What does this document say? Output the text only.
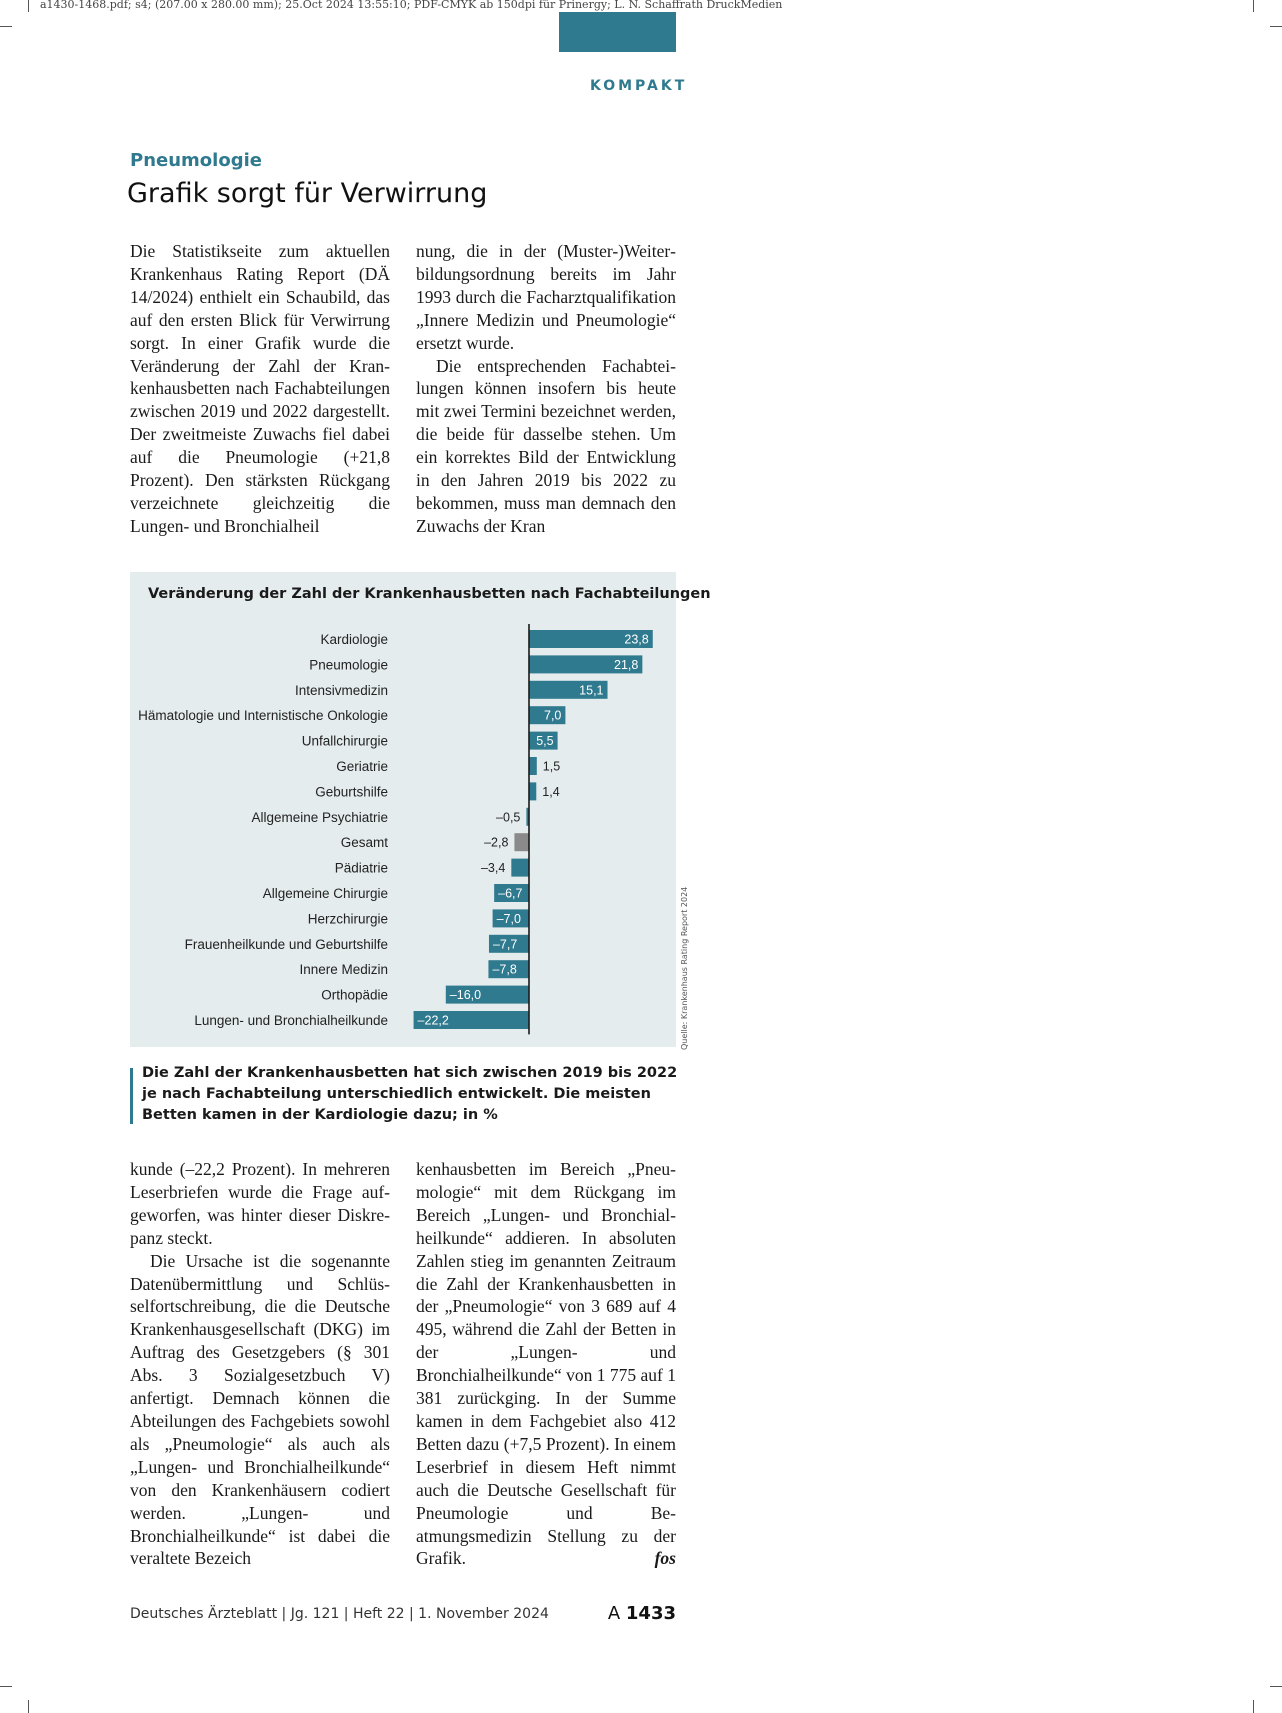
a1430-1468.pdf; s4; (207.00 x 280.00 mm); 25.Oct 2024 13:55:10; PDF-CMYK ab 150dpi für Prinergy; L. N. Schaffrath DruckMedien
KOMPAKT
Pneumologie
Grafik sorgt für Verwirrung

Die Statistikseite zum aktuellen Krankenhaus Rating Report (DÄ 14/2024) enthielt ein Schaubild, das auf den ersten Blick für Verwirrung sorgt. In einer Grafik wurde die Veränderung der Zahl der Krankenhausbetten nach Fachabteilungen zwischen 2019 und 2022 dargestellt. Der zweitmeiste Zuwachs fiel dabei auf die Pneumologie (+21,8 Prozent). Den stärksten Rückgang verzeichnete gleichzeitig die Lungen- und Bronchialheil

nung, die in der (Muster-)Weiterbildungsordnung bereits im Jahr 1993 durch die Facharztqualifikation „Innere Medizin und Pneumologie“ ersetzt wurde.

Die entsprechenden Fachabteilungen können insofern bis heute mit zwei Termini bezeichnet werden, die beide für dasselbe stehen. Um ein korrektes Bild der Entwicklung in den Jahren 2019 bis 2022 zu bekommen, muss man demnach den Zuwachs der Kran

Veränderung der Zahl der Krankenhausbetten nach Fachabteilungen
Kardiologie	23,8
Pneumologie	21,8
Intensivmedizin	15,1
Hämatologie und Internistische Onkologie	7,0
Unfallchirurgie	5,5
Geriatrie	1,5
Geburtshilfe	1,4
Allgemeine Psychiatrie	–0,5
Gesamt	–2,8
Pädiatrie	–3,4
Allgemeine Chirurgie	–6,7
Herzchirurgie	–7,0
Frauenheilkunde und Geburtshilfe	–7,7
Innere Medizin	–7,8
Orthopädie	–16,0
Lungen- und Bronchialheilkunde –22,2	Quelle: Krankenhaus Rating Report 2024
Die Zahl der Krankenhausbetten hat sich zwischen 2019 bis 2022 je nach Fachabteilung unterschiedlich entwickelt. Die meisten Betten kamen in der Kardiologie dazu; in %

kunde (–22,2 Prozent). In mehreren Leserbriefen wurde die Frage aufgeworfen, was hinter dieser Diskrepanz steckt.

Die Ursache ist die sogenannte Datenübermittlung und Schlüsselfortschreibung, die die Deutsche Krankenhausgesellschaft (DKG) im Auftrag des Gesetzgebers (§ 301 Abs. 3 Sozialgesetzbuch V) anfertigt. Demnach können die Abteilungen des Fachgebiets sowohl als „Pneumologie“ als auch als „Lungen- und Bronchialheilkunde“ von den Krankenhäusern codiert werden. „Lungen- und Bronchialheilkunde“ ist dabei die veraltete Bezeich

kenhausbetten im Bereich „Pneumologie“ mit dem Rückgang im Bereich „Lungen- und Bronchialheilkunde“ addieren. In absoluten Zahlen stieg im genannten Zeitraum die Zahl der Krankenhausbetten in der „Pneumologie“ von 3 689 auf 4 495, während die Zahl der Betten in der „Lungen- und Bronchialheilkunde“ von 1 775 auf 1 381 zurückging. In der Summe kamen in dem Fachgebiet also 412 Betten dazu (+7,5 Prozent). In einem Leserbrief in diesem Heft nimmt auch die Deutsche Gesellschaft für Pneumologie und Beatmungsmedizin Stellung zu der Grafik.	fos

Deutsches Ärzteblatt | Jg. 121 | Heft 22 | 1. November 2024	A 1433
